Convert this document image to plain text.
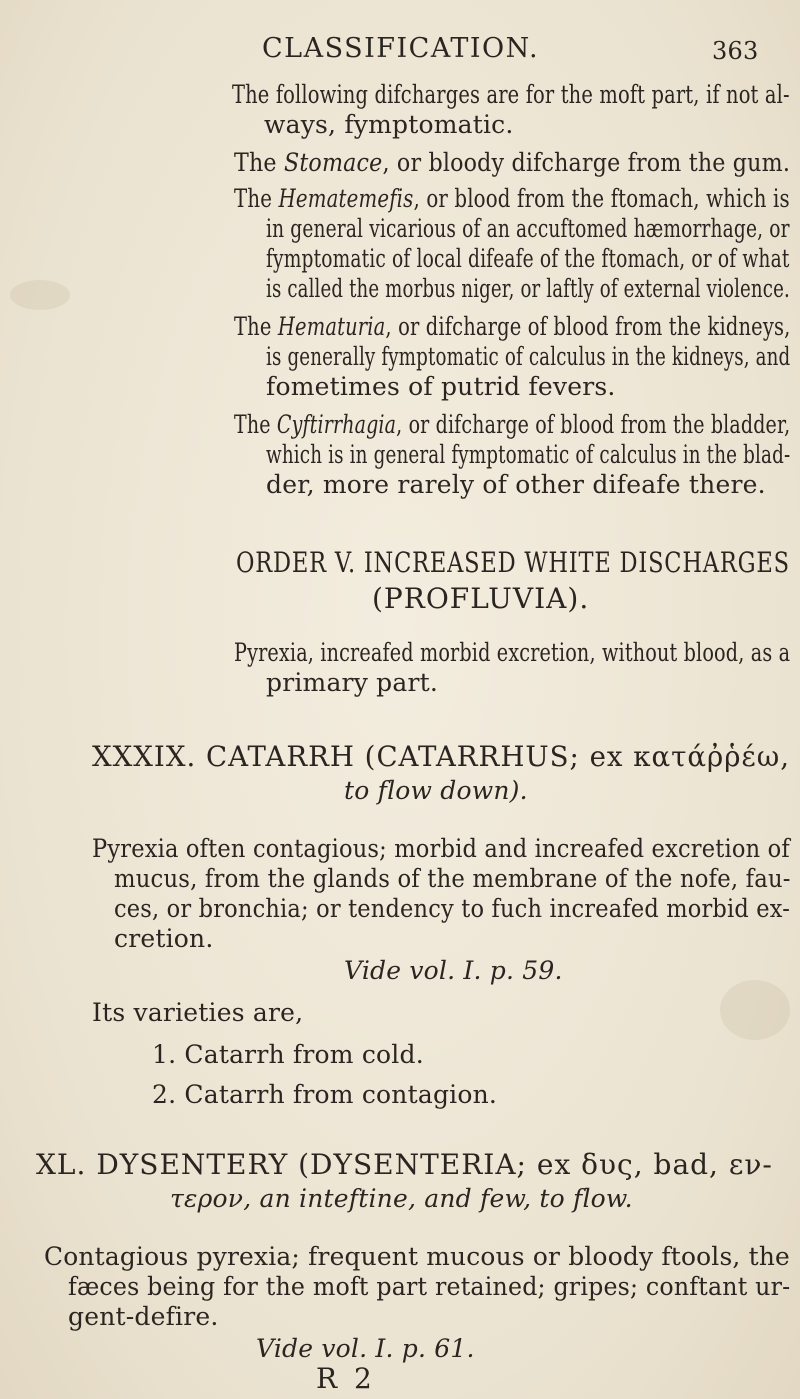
CLASSIFICATION.	363
The following difcharges are for the moft part, if not al-
ways, fymptomatic.
The Stomace, or bloody difcharge from the gum.
The Hematemefis, or blood from the ftomach, which is
in general vicarious of an accuftomed hæmorrhage, or
fymptomatic of local difeafe of the ftomach, or of what
is called the morbus niger, or laftly of external violence.
The Hematuria, or difcharge of blood from the kidneys,
is generally fymptomatic of calculus in the kidneys, and
fometimes of putrid fevers.
The Cyftirrhagia, or difcharge of blood from the bladder,
which is in general fymptomatic of calculus in the blad-
der, more rarely of other difeafe there.
ORDER V. INCREASED WHITE DISCHARGES
(PROFLUVIA).
Pyrexia, increafed morbid excretion, without blood, as a
primary part.
XXXIX. CATARRH (CATARRHUS; ex κατάῤῥέω,
to flow down).
Pyrexia often contagious; morbid and increafed excretion of
mucus, from the glands of the membrane of the nofe, fau-
ces, or bronchia; or tendency to fuch increafed morbid ex-
cretion.
Vide vol. I. p. 59.
Its varieties are,
1. Catarrh from cold.
2. Catarrh from contagion.
XL. DYSENTERY (DYSENTERIA; ex δυς, bad, εν-
τερον, an inteftine, and few, to flow.
Contagious pyrexia; frequent mucous or bloody ftools, the
fæces being for the moft part retained; gripes; conftant ur-
gent-defire.
Vide vol. I. p. 61.
R 2
